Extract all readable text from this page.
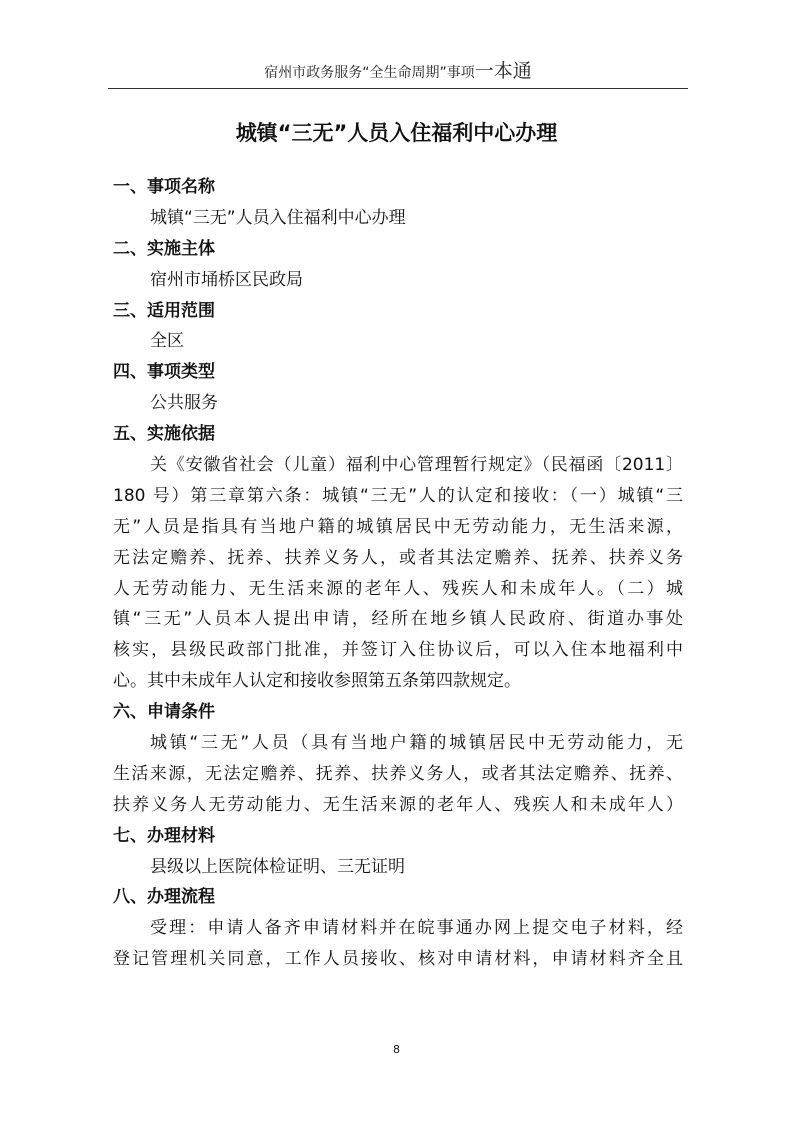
宿州市政务服务“全生命周期”事项一本通
城镇“三无”人员入住福利中心办理
一、事项名称
城镇“三无”人员入住福利中心办理
二、实施主体
宿州市埇桥区民政局
三、适用范围
全区
四、事项类型
公共服务
五、实施依据
关《安徽省社会（儿童）福利中心管理暂行规定》（民福函〔2011〕
180 号）第三章第六条：城镇“三无”人的认定和接收：（一）城镇“三
无”人员是指具有当地户籍的城镇居民中无劳动能力，无生活来源，
无法定赡养、抚养、扶养义务人，或者其法定赡养、抚养、扶养义务
人无劳动能力、无生活来源的老年人、残疾人和未成年人。（二）城
镇“三无”人员本人提出申请，经所在地乡镇人民政府、街道办事处
核实，县级民政部门批准，并签订入住协议后，可以入住本地福利中
心。其中未成年人认定和接收参照第五条第四款规定。
六、申请条件
城镇“三无”人员（具有当地户籍的城镇居民中无劳动能力，无
生活来源，无法定赡养、抚养、扶养义务人，或者其法定赡养、抚养、
扶养义务人无劳动能力、无生活来源的老年人、残疾人和未成年人）
七、办理材料
县级以上医院体检证明、三无证明
八、办理流程
受理：申请人备齐申请材料并在皖事通办网上提交电子材料，经
登记管理机关同意，工作人员接收、核对申请材料，申请材料齐全且
8
